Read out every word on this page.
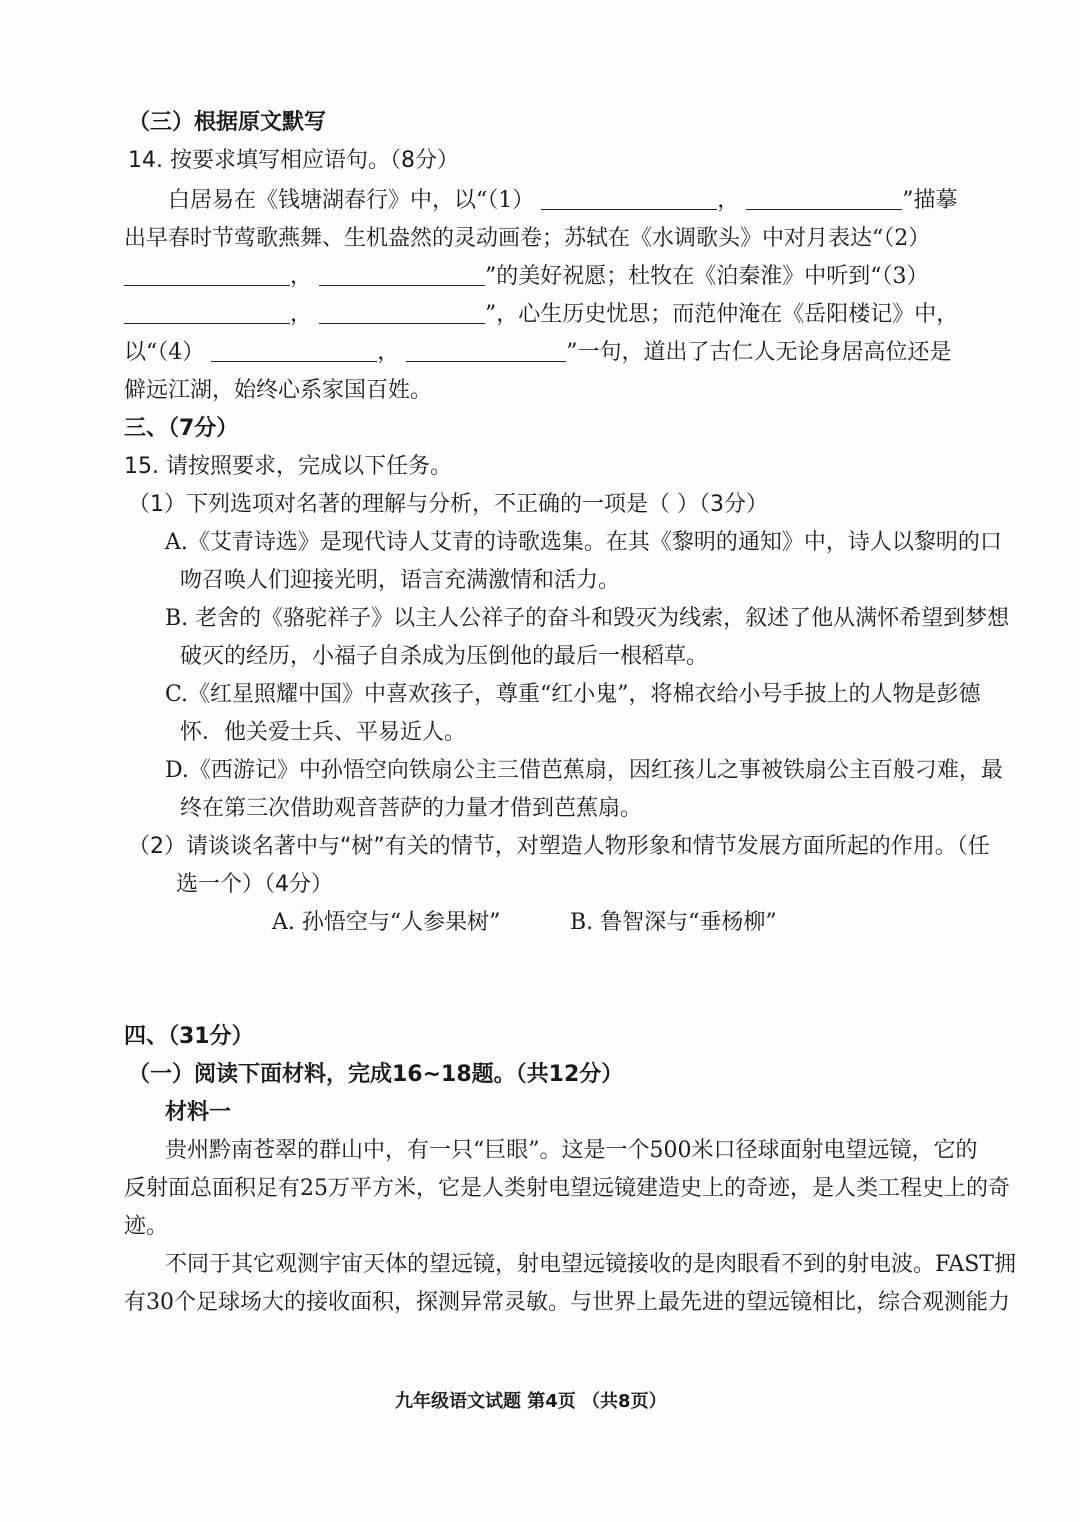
（三）根据原文默写
14. 按要求填写相应语句。（8分）
白居易在《钱塘湖春行》中，以“（1）	，	”描摹
出早春时节莺歌燕舞、生机盎然的灵动画卷；苏轼在《水调歌头》中对月表达“（2）
，	”的美好祝愿；杜牧在《泊秦淮》中听到“（3）
，	”，心生历史忧思；而范仲淹在《岳阳楼记》中，
以“（4）	，	”一句，道出了古仁人无论身居高位还是
僻远江湖，始终心系家国百姓。
三、（7分）
15. 请按照要求，完成以下任务。
（1）下列选项对名著的理解与分析，不正确的一项是（ ）（3分）
A.《艾青诗选》是现代诗人艾青的诗歌选集。在其《黎明的通知》中，诗人以黎明的口
吻召唤人们迎接光明，语言充满激情和活力。
B. 老舍的《骆驼祥子》以主人公祥子的奋斗和毁灭为线索，叙述了他从满怀希望到梦想
破灭的经历，小福子自杀成为压倒他的最后一根稻草。
C.《红星照耀中国》中喜欢孩子，尊重“红小鬼”，将棉衣给小号手披上的人物是彭德
怀．他关爱士兵、平易近人。
D.《西游记》中孙悟空向铁扇公主三借芭蕉扇，因红孩儿之事被铁扇公主百般刁难，最
终在第三次借助观音菩萨的力量才借到芭蕉扇。
（2）请谈谈名著中与“树”有关的情节，对塑造人物形象和情节发展方面所起的作用。（任
选一个）（4分）
A. 孙悟空与“人参果树”	B. 鲁智深与“垂杨柳”
四、（31分）
（一）阅读下面材料，完成16~18题。（共12分）
材料一
贵州黔南苍翠的群山中，有一只“巨眼”。这是一个500米口径球面射电望远镜，它的
反射面总面积足有25万平方米，它是人类射电望远镜建造史上的奇迹，是人类工程史上的奇
迹。
不同于其它观测宇宙天体的望远镜，射电望远镜接收的是肉眼看不到的射电波。FAST拥
有30个足球场大的接收面积，探测异常灵敏。与世界上最先进的望远镜相比，综合观测能力
九年级语文试题 第4页 （共8页）
